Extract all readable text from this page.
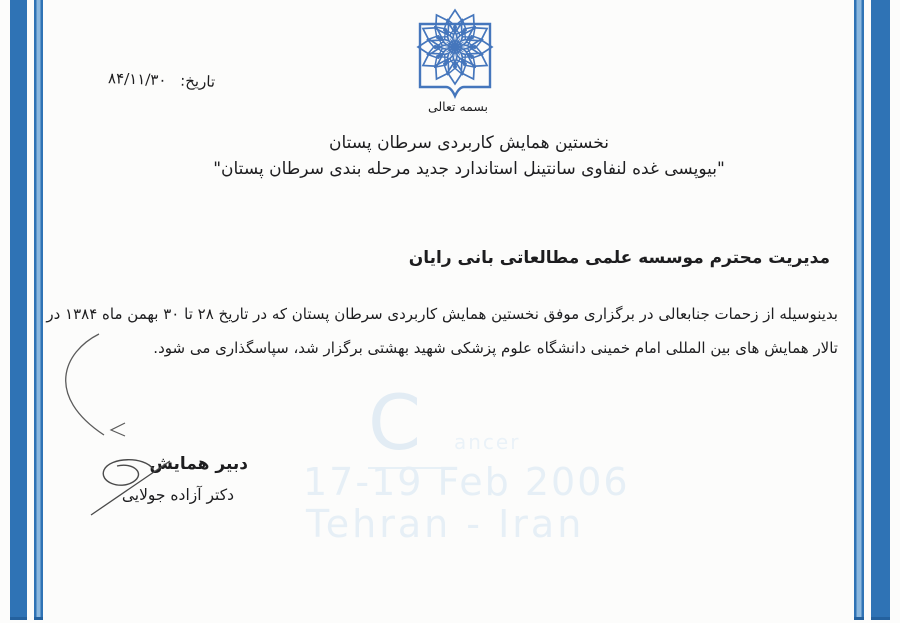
C	ancer
17-19 Feb 2006
Tehran - Iran
بسمه تعالی
تاریخ: ۸۴/۱۱/۳۰
نخستین همایش کاربردی سرطان پستان
"بیوپسی غده لنفاوی سانتینل استاندارد جدید مرحله بندی سرطان پستان"
مدیریت محترم موسسه علمی مطالعاتی بانی رایان
بدینوسیله از زحمات جنابعالی در برگزاری موفق نخستین همایش کاربردی سرطان پستان که در تاریخ ۲۸ تا ۳۰ بهمن ماه ۱۳۸۴ در
تالار همایش های بین المللی امام خمینی دانشگاه علوم پزشکی شهید بهشتی برگزار شد، سپاسگذاری می شود.
دبیر همایش
دکتر آزاده جولایی
